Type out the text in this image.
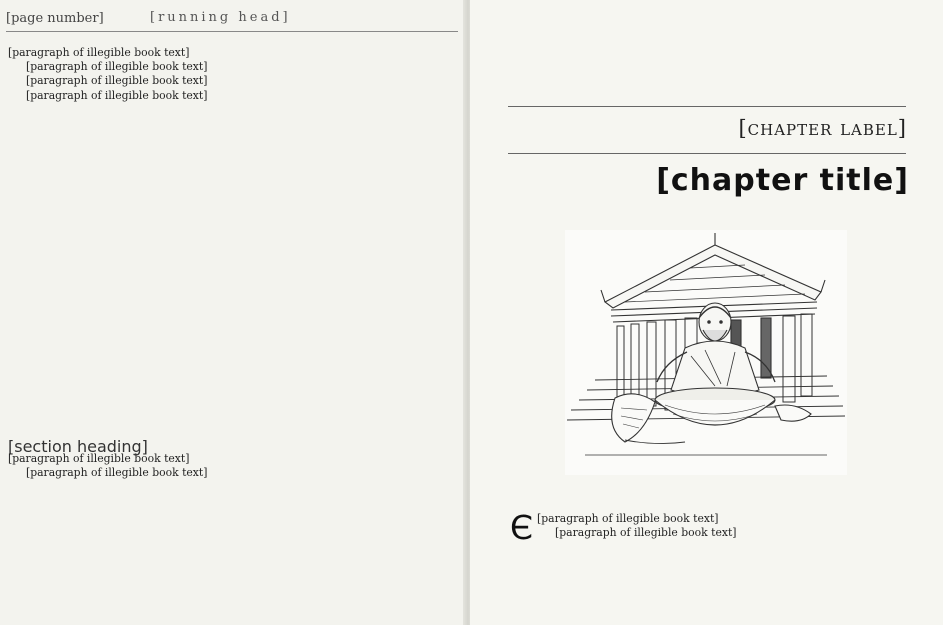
[page number]	[running head]

[paragraph of illegible book text]

[paragraph of illegible book text]

[paragraph of illegible book text]

[paragraph of illegible book text]

[section heading]

[paragraph of illegible book text]

[paragraph of illegible book text]

[chapter label]
[chapter title]

Є [paragraph of illegible book text]

[paragraph of illegible book text]
